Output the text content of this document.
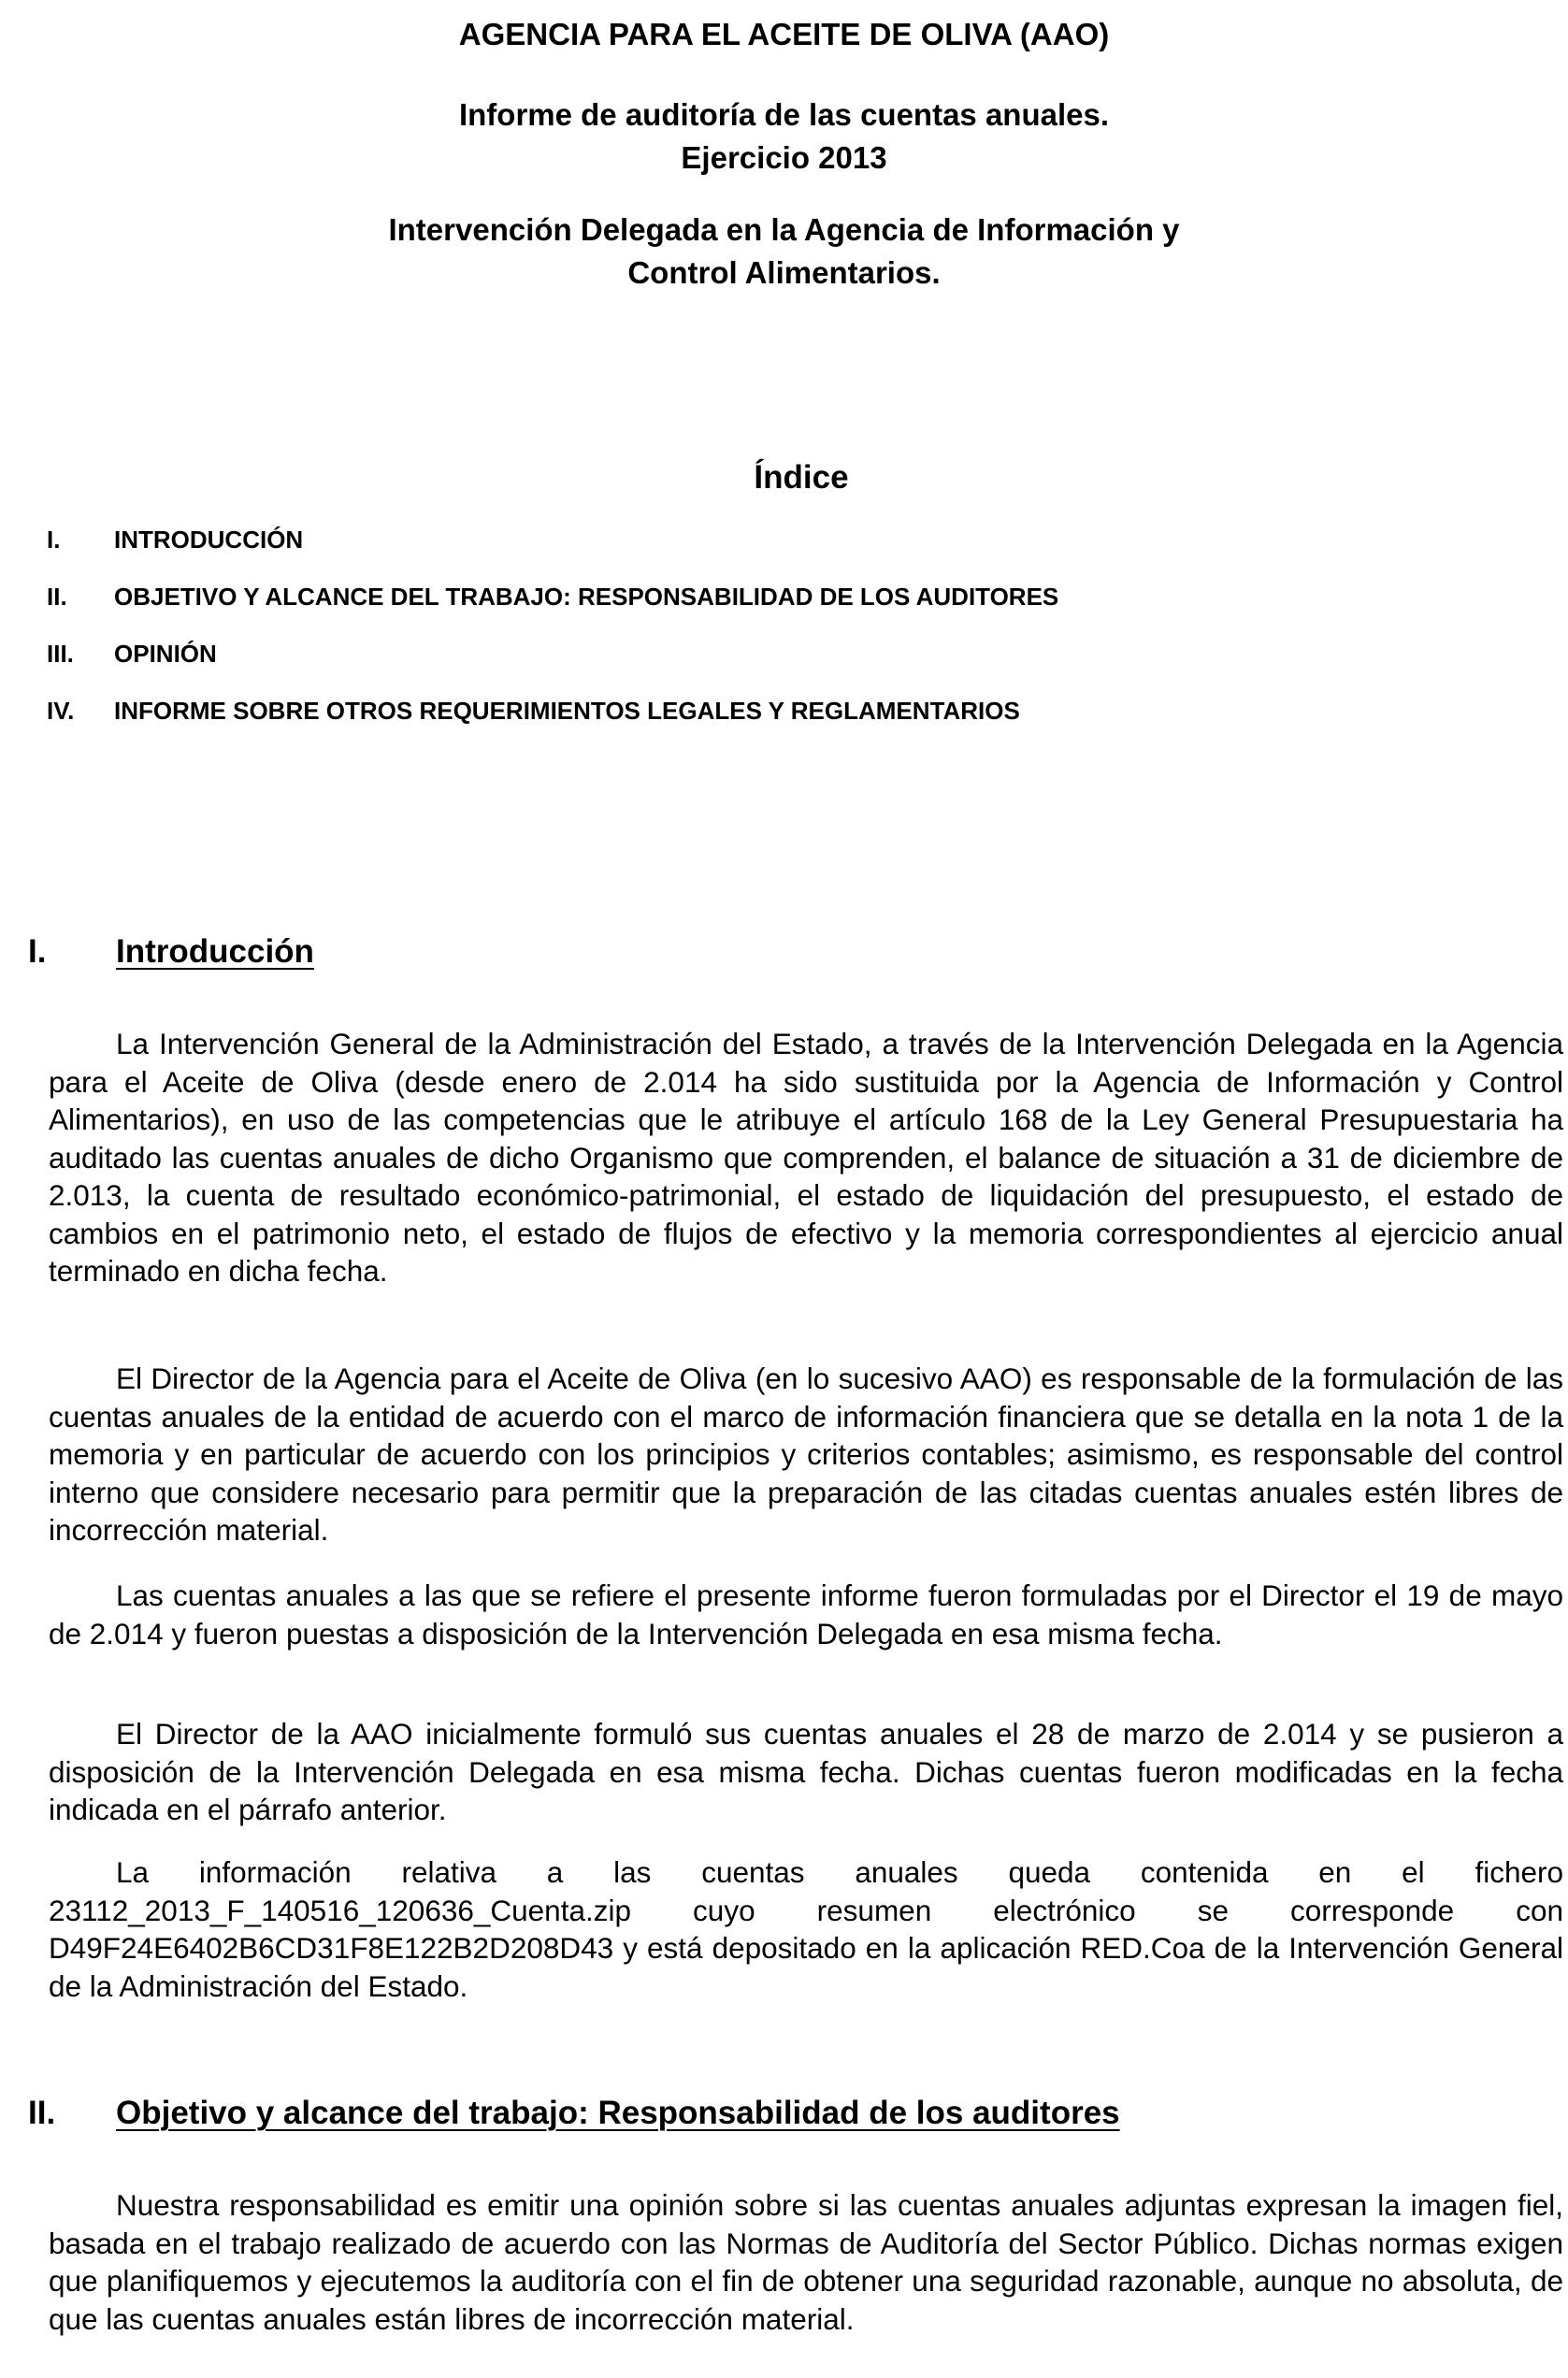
AGENCIA PARA EL ACEITE DE OLIVA (AAO)
Informe de auditoría de las cuentas anuales.
Ejercicio 2013
Intervención Delegada en la Agencia de Información y
Control Alimentarios.
Índice
I.	INTRODUCCIÓN
II.	OBJETIVO Y ALCANCE DEL TRABAJO: RESPONSABILIDAD DE LOS AUDITORES
III.	OPINIÓN
IV.	INFORME SOBRE OTROS REQUERIMIENTOS LEGALES Y REGLAMENTARIOS
I. Introducción

La Intervención General de la Administración del Estado, a través de la Intervención Delegada en la Agencia para el Aceite de Oliva (desde enero de 2.014 ha sido sustituida por la Agencia de Información y Control Alimentarios), en uso de las competencias que le atribuye el artículo 168 de la Ley General Presupuestaria ha auditado las cuentas anuales de dicho Organismo que comprenden, el balance de situación a 31 de diciembre de 2.013, la cuenta de resultado económico-patrimonial, el estado de liquidación del presupuesto, el estado de cambios en el patrimonio neto, el estado de flujos de efectivo y la memoria correspondientes al ejercicio anual terminado en dicha fecha.

El Director de la Agencia para el Aceite de Oliva (en lo sucesivo AAO) es responsable de la formulación de las cuentas anuales de la entidad de acuerdo con el marco de información financiera que se detalla en la nota 1 de la memoria y en particular de acuerdo con los principios y criterios contables; asimismo, es responsable del control interno que considere necesario para permitir que la preparación de las citadas cuentas anuales estén libres de incorrección material.

Las cuentas anuales a las que se refiere el presente informe fueron formuladas por el Director el 19 de mayo de 2.014 y fueron puestas a disposición de la Intervención Delegada en esa misma fecha.

El Director de la AAO inicialmente formuló sus cuentas anuales el 28 de marzo de 2.014 y se pusieron a disposición de la Intervención Delegada en esa misma fecha. Dichas cuentas fueron modificadas en la fecha indicada en el párrafo anterior.

La información relativa a las cuentas anuales queda contenida en el fichero 23112_2013_F_140516_120636_Cuenta.zip cuyo resumen electrónico se corresponde con D49F24E6402B6CD31F8E122B2D208D43 y está depositado en la aplicación RED.Coa de la Intervención General de la Administración del Estado.

II. Objetivo y alcance del trabajo: Responsabilidad de los auditores

Nuestra responsabilidad es emitir una opinión sobre si las cuentas anuales adjuntas expresan la imagen fiel, basada en el trabajo realizado de acuerdo con las Normas de Auditoría del Sector Público. Dichas normas exigen que planifiquemos y ejecutemos la auditoría con el fin de obtener una seguridad razonable, aunque no absoluta, de que las cuentas anuales están libres de incorrección material.
